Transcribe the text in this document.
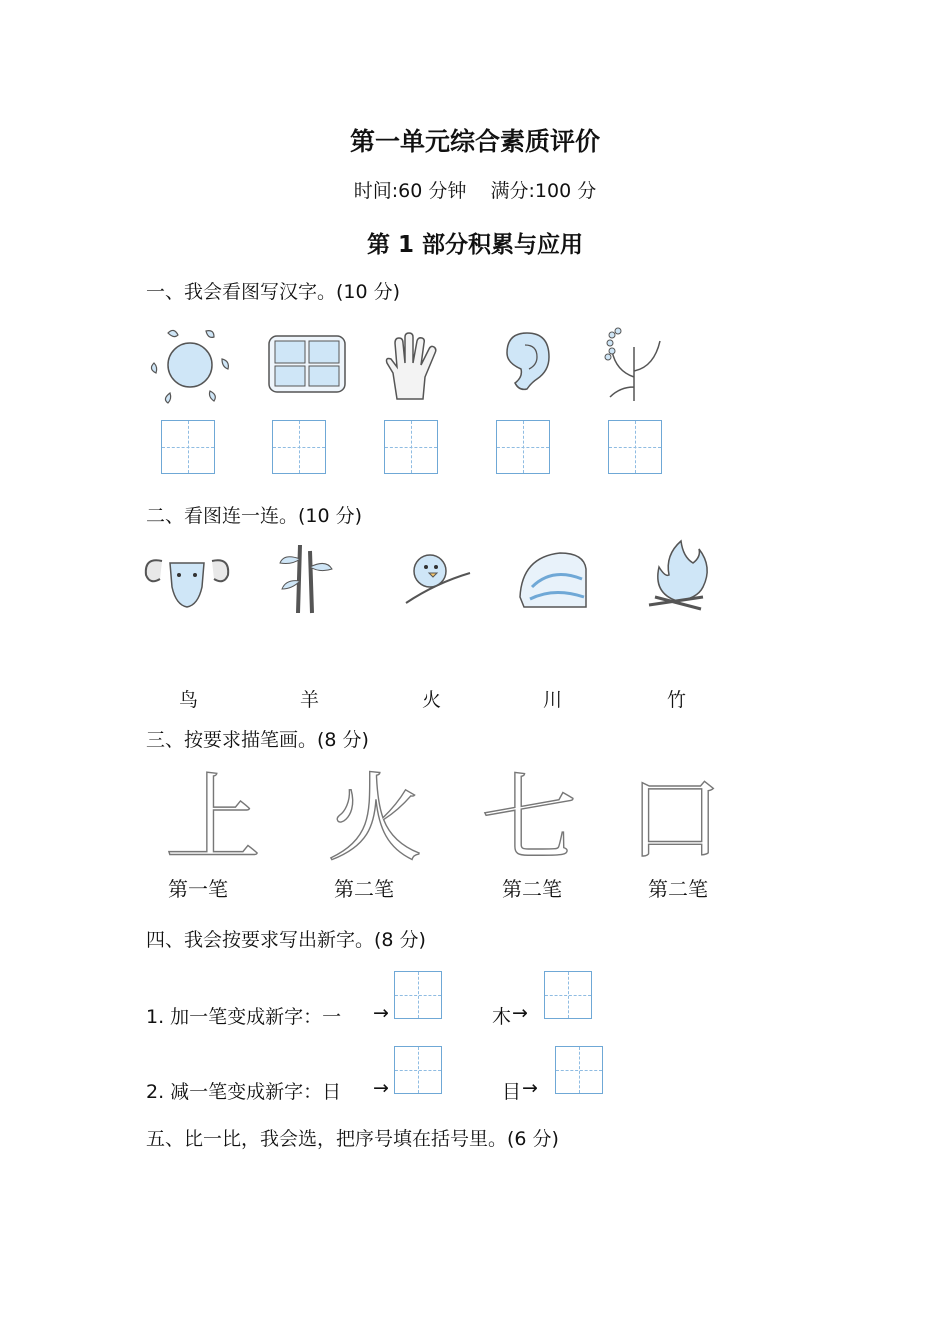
第一单元综合素质评价
时间:60 分钟    满分:100 分
第 1 部分积累与应用
一、我会看图写汉字。(10 分)
二、看图连一连。(10 分)
鸟	羊	火	川	竹
三、按要求描笔画。(8 分)
上 火 七 口
第一笔	第二笔	第二笔	第二笔
四、我会按要求写出新字。(8 分)
1. 加一笔变成新字：一 →	木 →
2. 减一笔变成新字：日 →	目 →
五、比一比，我会选，把序号填在括号里。(6 分)
